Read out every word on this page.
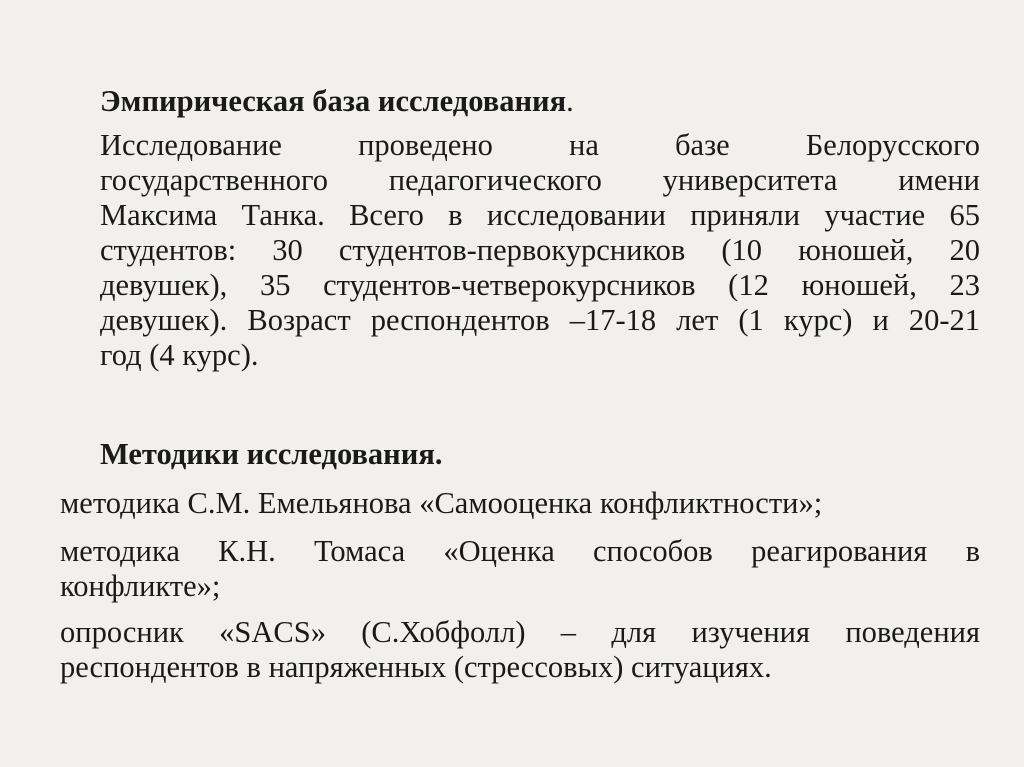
Эмпирическая база исследования.

Исследование проведено на базе Белорусского
государственного педагогического университета имени
Максима Танка. Всего в исследовании приняли участие 65
студентов: 30 студентов-первокурсников (10 юношей, 20
девушек), 35 студентов-четверокурсников (12 юношей, 23
девушек). Возраст респондентов –17-18 лет (1 курс) и 20-21
год (4 курс).

Методики исследования.

методика С.М. Емельянова «Самооценка конфликтности»;

методика К.Н. Томаса «Оценка способов реагирования в
конфликте»;

опросник «SACS» (С.Хобфолл) – для изучения поведения
респондентов в напряженных (стрессовых) ситуациях.
